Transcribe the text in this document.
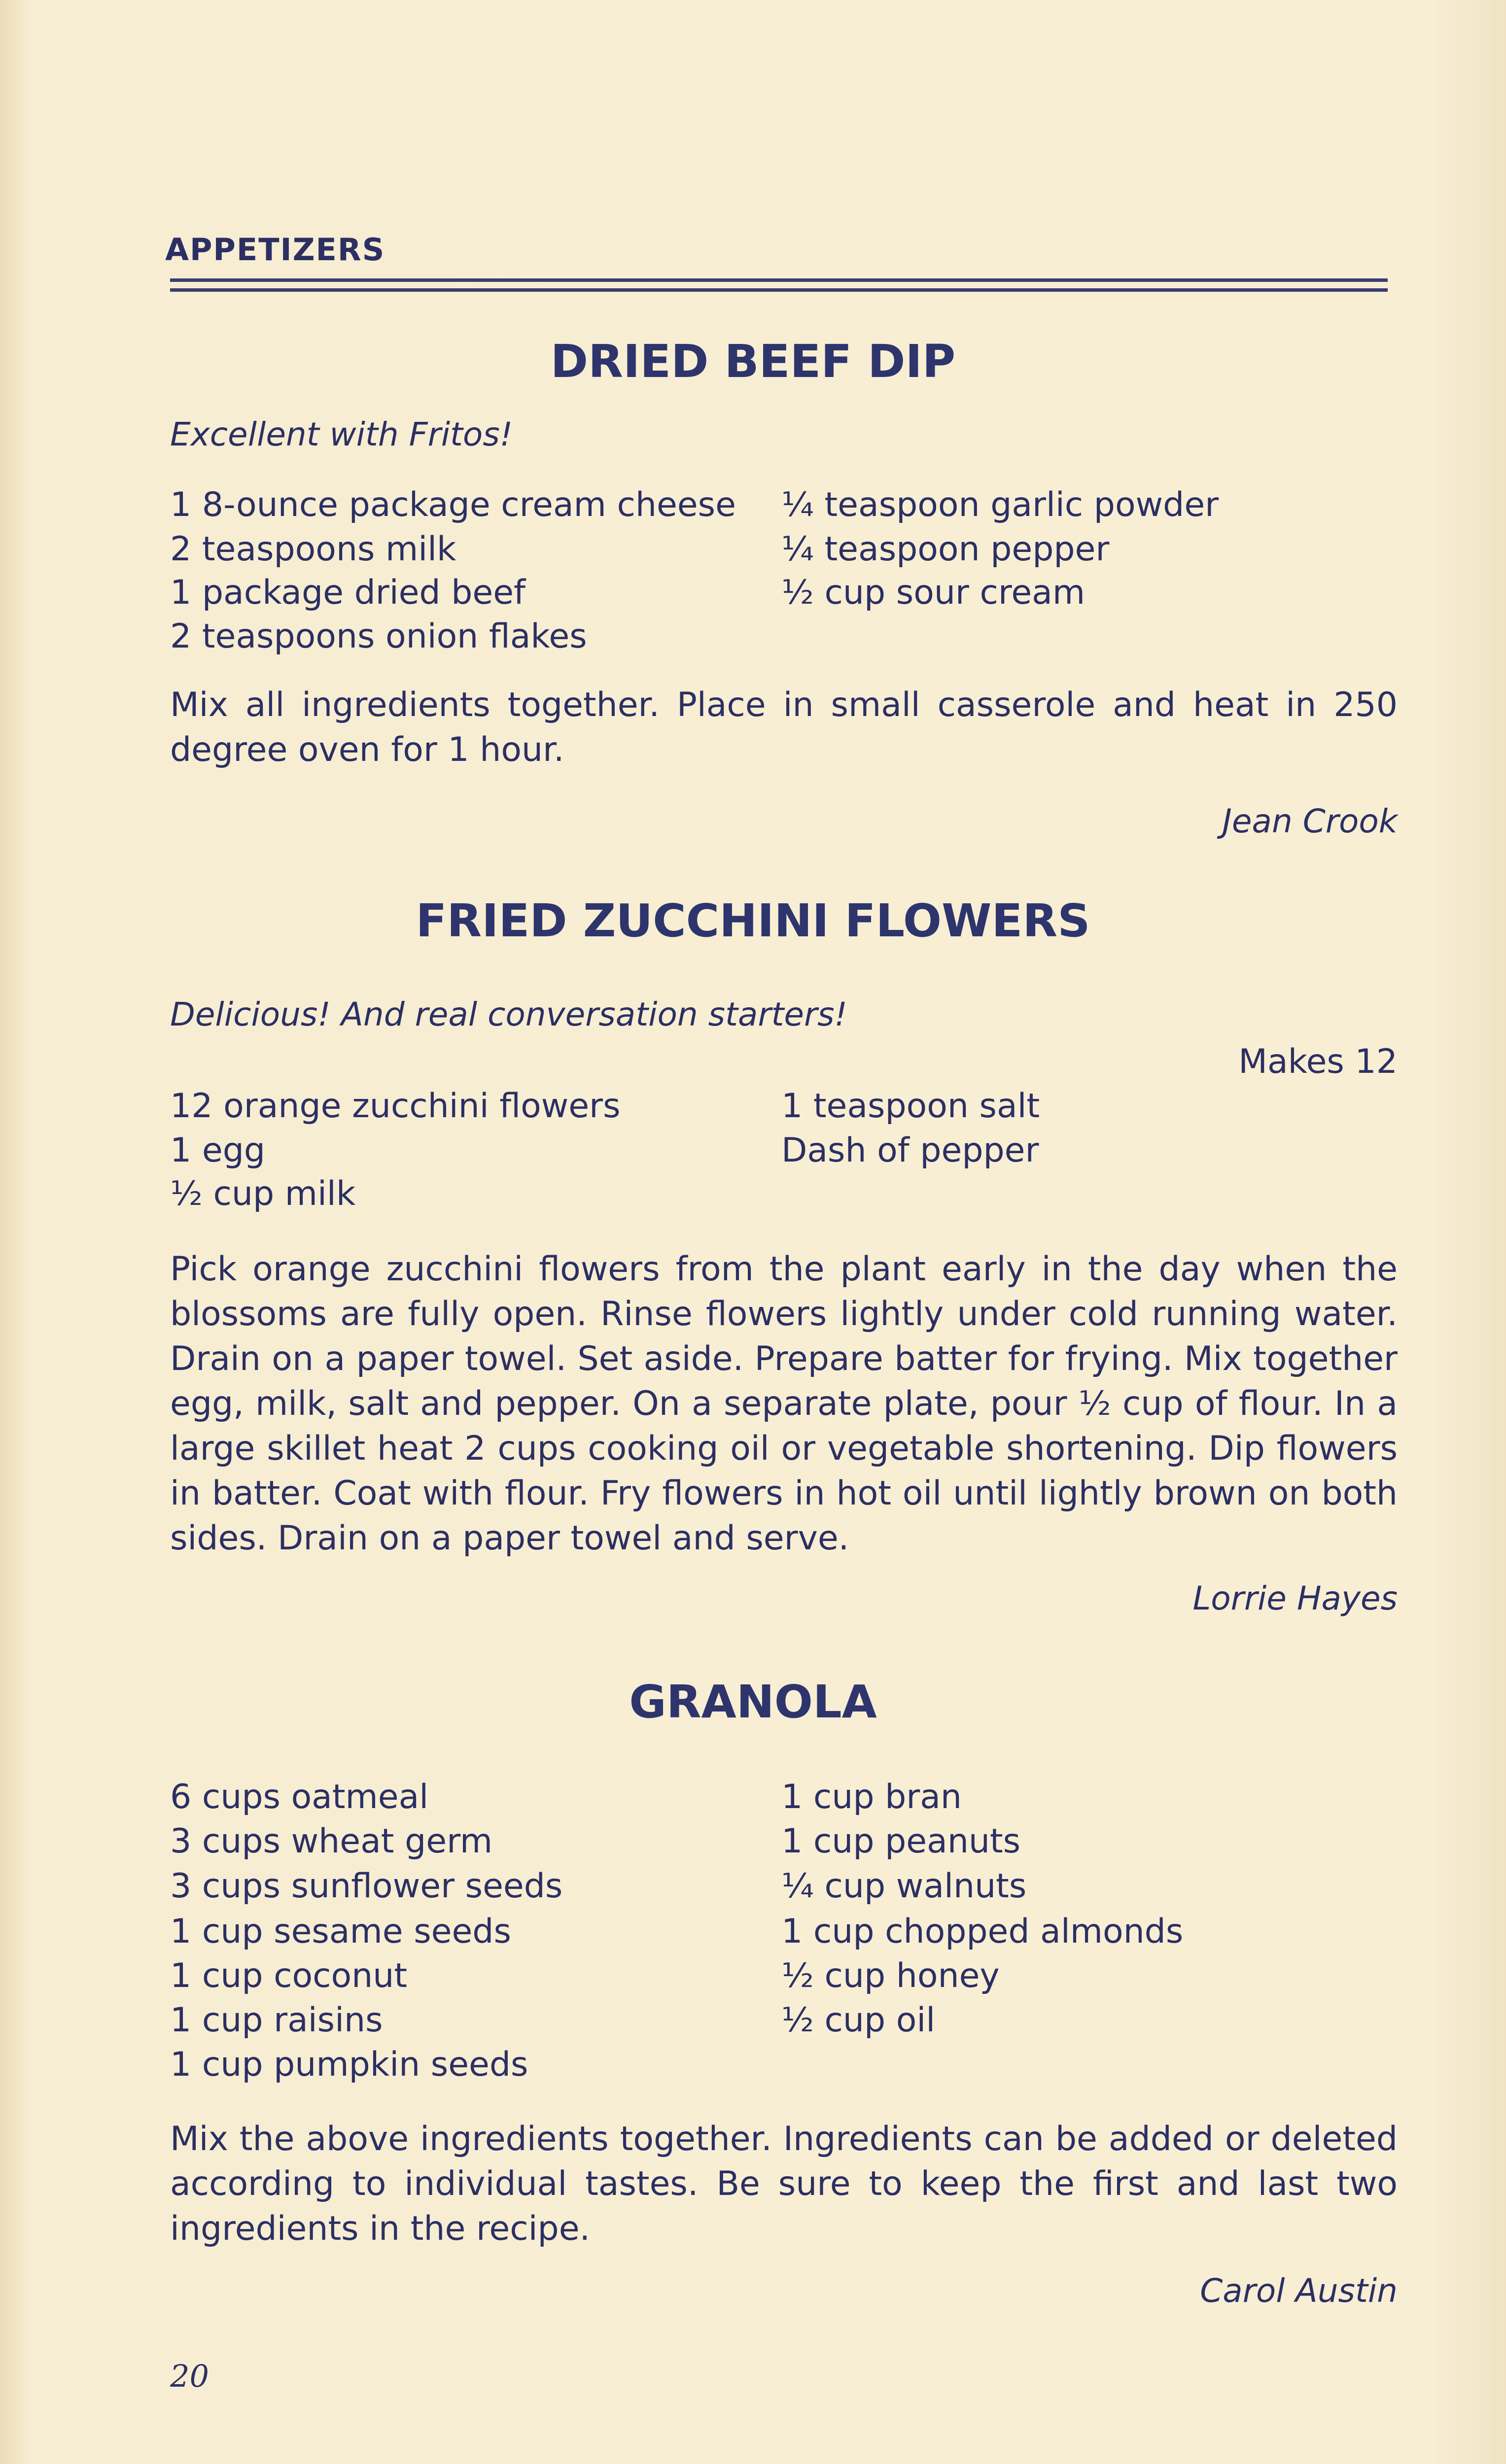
APPETIZERS
DRIED BEEF DIP
Excellent with Fritos!
1 8-ounce package cream cheese
2 teaspoons milk
1 package dried beef
2 teaspoons onion flakes
¼ teaspoon garlic powder
¼ teaspoon pepper
½ cup sour cream
Mix all ingredients together. Place in small casserole and heat in 250 degree oven for 1 hour.
Jean Crook
FRIED ZUCCHINI FLOWERS
Delicious! And real conversation starters!
Makes 12
12 orange zucchini flowers
1 egg
½ cup milk
1 teaspoon salt
Dash of pepper
Pick orange zucchini flowers from the plant early in the day when the blossoms are fully open. Rinse flowers lightly under cold running water. Drain on a paper towel. Set aside. Prepare batter for frying. Mix together egg, milk, salt and pepper. On a separate plate, pour ½ cup of flour. In a large skillet heat 2 cups cooking oil or vegetable shortening. Dip flowers in batter. Coat with flour. Fry flowers in hot oil until lightly brown on both sides. Drain on a paper towel and serve.
Lorrie Hayes
GRANOLA
6 cups oatmeal
3 cups wheat germ
3 cups sunflower seeds
1 cup sesame seeds
1 cup coconut
1 cup raisins
1 cup pumpkin seeds
1 cup bran
1 cup peanuts
¼ cup walnuts
1 cup chopped almonds
½ cup honey
½ cup oil
Mix the above ingredients together. Ingredients can be added or deleted according to individual tastes. Be sure to keep the first and last two ingredients in the recipe.
Carol Austin
20
